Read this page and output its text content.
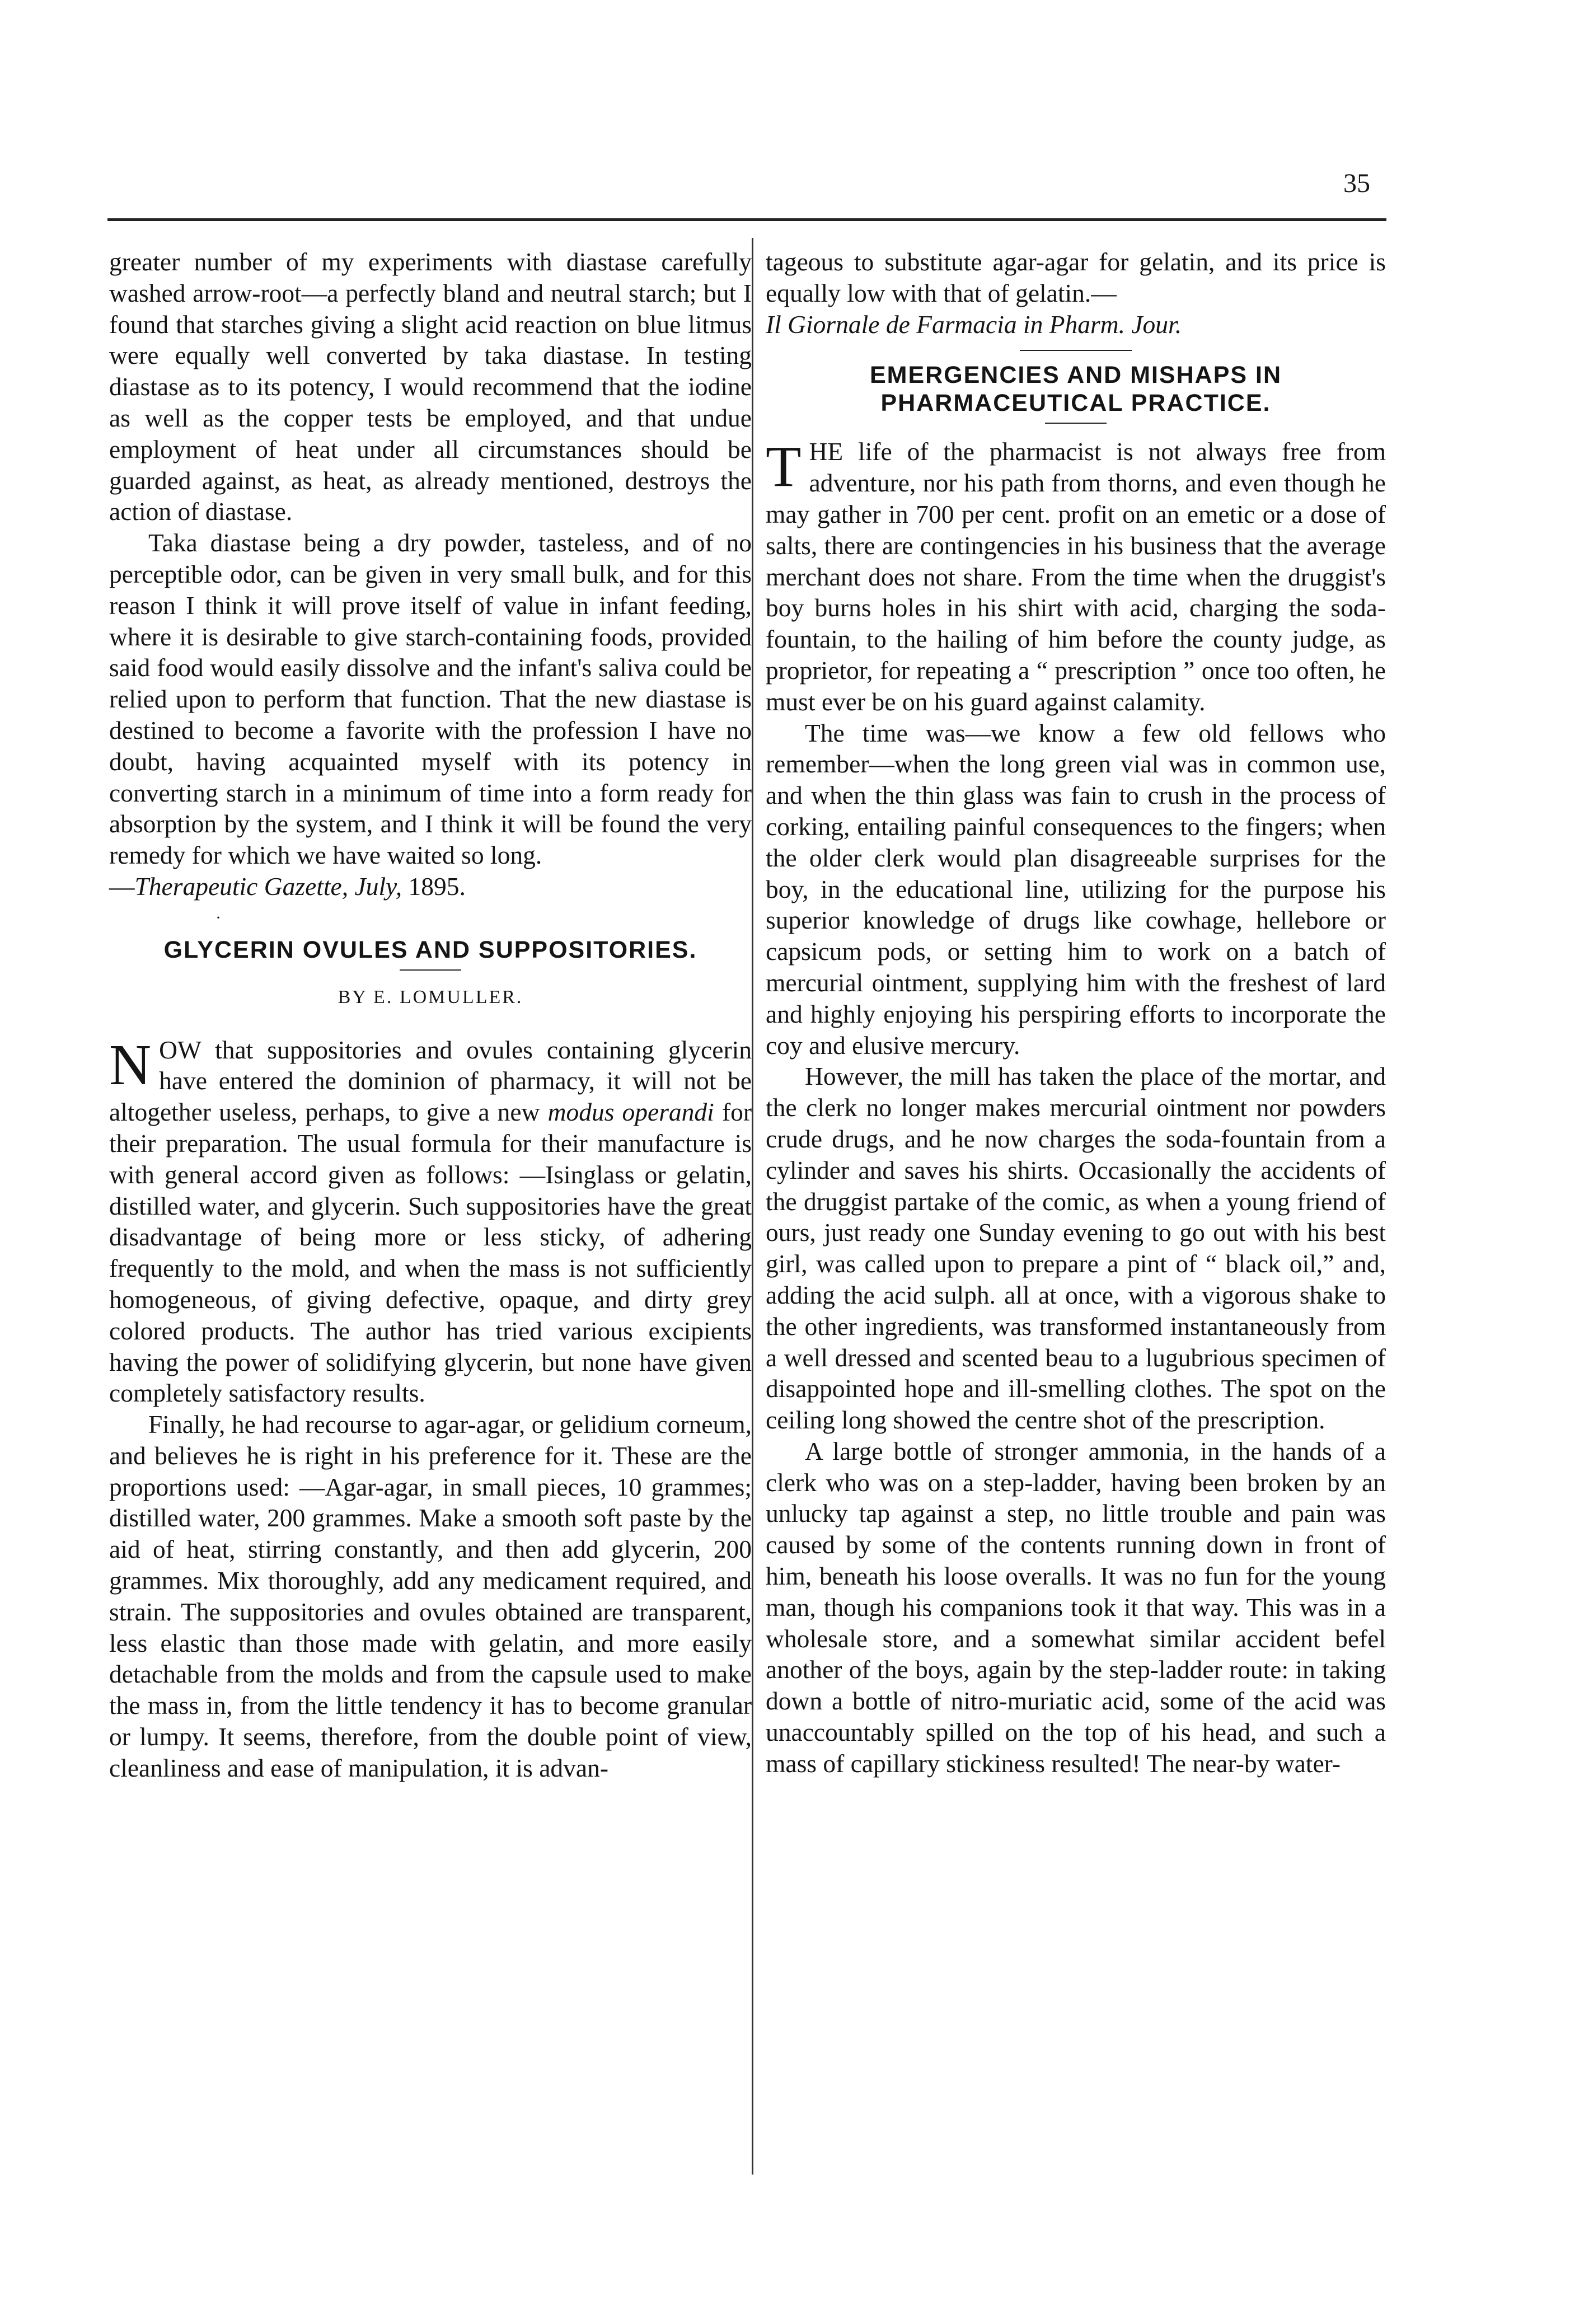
35

greater number of my experiments with diastase carefully washed arrow-root—a perfectly bland and neutral starch; but I found that starches giving a slight acid reaction on blue litmus were equally well converted by taka diastase. In testing diastase as to its potency, I would recommend that the iodine as well as the copper tests be employed, and that undue employment of heat under all circumstances should be guarded against, as heat, as already mentioned, destroys the action of diastase.

Taka diastase being a dry powder, tasteless, and of no perceptible odor, can be given in very small bulk, and for this reason I think it will prove itself of value in infant feeding, where it is desirable to give starch-containing foods, provided said food would easily dissolve and the infant's saliva could be relied upon to perform that function. That the new diastase is destined to become a favorite with the profession I have no doubt, having acquainted myself with its potency in converting starch in a minimum of time into a form ready for absorption by the system, and I think it will be found the very remedy for which we have waited so long.

—Therapeutic Gazette, July, 1895.

·

GLYCERIN OVULES AND SUPPOSITORIES.

BY E. LOMULLER.

NOW that suppositories and ovules containing glycerin have entered the dominion of pharmacy, it will not be altogether useless, perhaps, to give a new modus operandi for their preparation. The usual formula for their manufacture is with general accord given as follows: —Isinglass or gelatin, distilled water, and glycerin. Such suppositories have the great disadvantage of being more or less sticky, of adhering frequently to the mold, and when the mass is not sufficiently homogeneous, of giving defective, opaque, and dirty grey colored products. The author has tried various excipients having the power of solidifying glycerin, but none have given completely satisfactory results.

Finally, he had recourse to agar-agar, or gelidium corneum, and believes he is right in his preference for it. These are the proportions used: —Agar-agar, in small pieces, 10 grammes; distilled water, 200 grammes. Make a smooth soft paste by the aid of heat, stirring constantly, and then add glycerin, 200 grammes. Mix thoroughly, add any medicament required, and strain. The suppositories and ovules obtained are transparent, less elastic than those made with gelatin, and more easily detachable from the molds and from the capsule used to make the mass in, from the little tendency it has to become granular or lumpy. It seems, therefore, from the double point of view, cleanliness and ease of manipulation, it is advan-

tageous to substitute agar-agar for gelatin, and its price is equally low with that of gelatin.—
Il Giornale de Farmacia in Pharm. Jour.

EMERGENCIES AND MISHAPS IN PHARMACEUTICAL PRACTICE.

THE life of the pharmacist is not always free from adventure, nor his path from thorns, and even though he may gather in 700 per cent. profit on an emetic or a dose of salts, there are contingencies in his business that the average merchant does not share. From the time when the druggist's boy burns holes in his shirt with acid, charging the soda-fountain, to the hailing of him before the county judge, as proprietor, for repeating a “ prescription ” once too often, he must ever be on his guard against calamity.

The time was—we know a few old fellows who remember—when the long green vial was in common use, and when the thin glass was fain to crush in the process of corking, entailing painful consequences to the fingers; when the older clerk would plan disagreeable surprises for the boy, in the educational line, utilizing for the purpose his superior knowledge of drugs like cowhage, hellebore or capsicum pods, or setting him to work on a batch of mercurial ointment, supplying him with the freshest of lard and highly enjoying his perspiring efforts to incorporate the coy and elusive mercury.

However, the mill has taken the place of the mortar, and the clerk no longer makes mercurial ointment nor powders crude drugs, and he now charges the soda-fountain from a cylinder and saves his shirts. Occasionally the accidents of the druggist partake of the comic, as when a young friend of ours, just ready one Sunday evening to go out with his best girl, was called upon to prepare a pint of “ black oil,” and, adding the acid sulph. all at once, with a vigorous shake to the other ingredients, was transformed instantaneously from a well dressed and scented beau to a lugubrious specimen of disappointed hope and ill-smelling clothes. The spot on the ceiling long showed the centre shot of the prescription.

A large bottle of stronger ammonia, in the hands of a clerk who was on a step-ladder, having been broken by an unlucky tap against a step, no little trouble and pain was caused by some of the contents running down in front of him, beneath his loose overalls. It was no fun for the young man, though his companions took it that way. This was in a wholesale store, and a somewhat similar accident befel another of the boys, again by the step-ladder route: in taking down a bottle of nitro-muriatic acid, some of the acid was unaccountably spilled on the top of his head, and such a mass of capillary stickiness resulted! The near-by water-
